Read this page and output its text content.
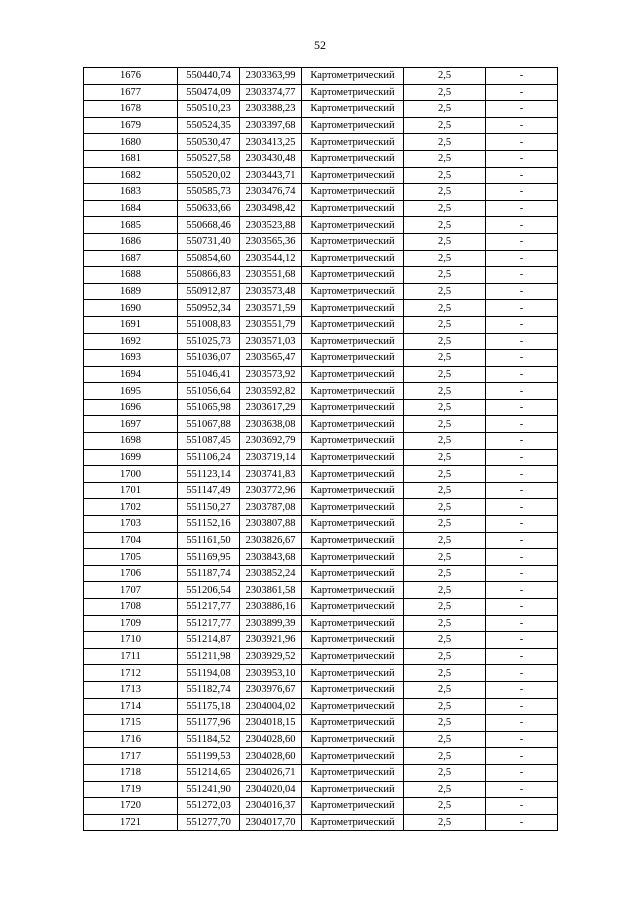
52
1676	550440,74	2303363,99	Картометрический	2,5	-
1677	550474,09	2303374,77	Картометрический	2,5	-
1678	550510,23	2303388,23	Картометрический	2,5	-
1679	550524,35	2303397,68	Картометрический	2,5	-
1680	550530,47	2303413,25	Картометрический	2,5	-
1681	550527,58	2303430,48	Картометрический	2,5	-
1682	550520,02	2303443,71	Картометрический	2,5	-
1683	550585,73	2303476,74	Картометрический	2,5	-
1684	550633,66	2303498,42	Картометрический	2,5	-
1685	550668,46	2303523,88	Картометрический	2,5	-
1686	550731,40	2303565,36	Картометрический	2,5	-
1687	550854,60	2303544,12	Картометрический	2,5	-
1688	550866,83	2303551,68	Картометрический	2,5	-
1689	550912,87	2303573,48	Картометрический	2,5	-
1690	550952,34	2303571,59	Картометрический	2,5	-
1691	551008,83	2303551,79	Картометрический	2,5	-
1692	551025,73	2303571,03	Картометрический	2,5	-
1693	551036,07	2303565,47	Картометрический	2,5	-
1694	551046,41	2303573,92	Картометрический	2,5	-
1695	551056,64	2303592,82	Картометрический	2,5	-
1696	551065,98	2303617,29	Картометрический	2,5	-
1697	551067,88	2303638,08	Картометрический	2,5	-
1698	551087,45	2303692,79	Картометрический	2,5	-
1699	551106,24	2303719,14	Картометрический	2,5	-
1700	551123,14	2303741,83	Картометрический	2,5	-
1701	551147,49	2303772,96	Картометрический	2,5	-
1702	551150,27	2303787,08	Картометрический	2,5	-
1703	551152,16	2303807,88	Картометрический	2,5	-
1704	551161,50	2303826,67	Картометрический	2,5	-
1705	551169,95	2303843,68	Картометрический	2,5	-
1706	551187,74	2303852,24	Картометрический	2,5	-
1707	551206,54	2303861,58	Картометрический	2,5	-
1708	551217,77	2303886,16	Картометрический	2,5	-
1709	551217,77	2303899,39	Картометрический	2,5	-
1710	551214,87	2303921,96	Картометрический	2,5	-
1711	551211,98	2303929,52	Картометрический	2,5	-
1712	551194,08	2303953,10	Картометрический	2,5	-
1713	551182,74	2303976,67	Картометрический	2,5	-
1714	551175,18	2304004,02	Картометрический	2,5	-
1715	551177,96	2304018,15	Картометрический	2,5	-
1716	551184,52	2304028,60	Картометрический	2,5	-
1717	551199,53	2304028,60	Картометрический	2,5	-
1718	551214,65	2304026,71	Картометрический	2,5	-
1719	551241,90	2304020,04	Картометрический	2,5	-
1720	551272,03	2304016,37	Картометрический	2,5	-
1721	551277,70	2304017,70	Картометрический	2,5	-
